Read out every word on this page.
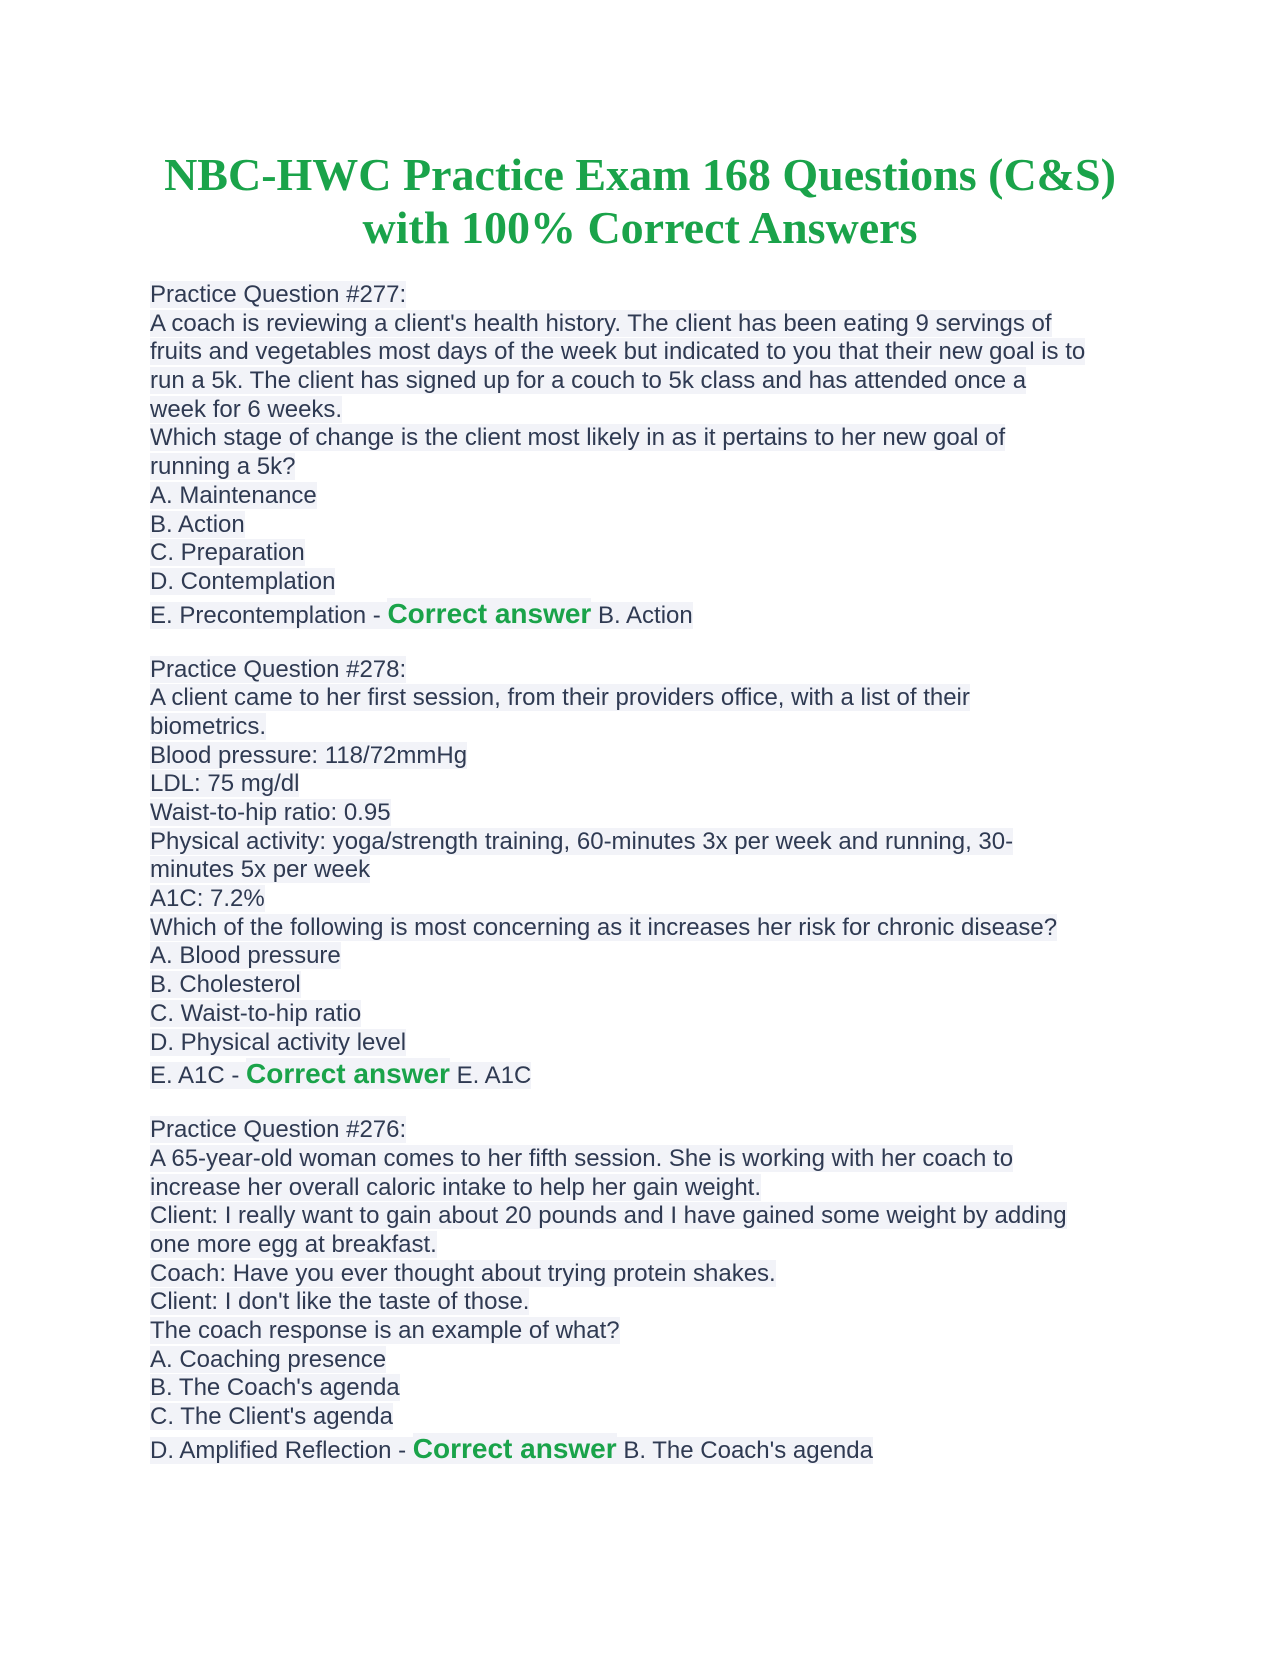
NBC-HWC Practice Exam 168 Questions (C&S)
with 100% Correct Answers
Practice Question #277:
A coach is reviewing a client's health history. The client has been eating 9 servings of
fruits and vegetables most days of the week but indicated to you that their new goal is to
run a 5k. The client has signed up for a couch to 5k class and has attended once a
week for 6 weeks.
Which stage of change is the client most likely in as it pertains to her new goal of
running a 5k?
A. Maintenance
B. Action
C. Preparation
D. Contemplation
E. Precontemplation - Correct answer B. Action
Practice Question #278:
A client came to her first session, from their providers office, with a list of their
biometrics.
Blood pressure: 118/72mmHg
LDL: 75 mg/dl
Waist-to-hip ratio: 0.95
Physical activity: yoga/strength training, 60-minutes 3x per week and running, 30-
minutes 5x per week
A1C: 7.2%
Which of the following is most concerning as it increases her risk for chronic disease?
A. Blood pressure
B. Cholesterol
C. Waist-to-hip ratio
D. Physical activity level
E. A1C - Correct answer E. A1C
Practice Question #276:
A 65-year-old woman comes to her fifth session. She is working with her coach to
increase her overall caloric intake to help her gain weight.
Client: I really want to gain about 20 pounds and I have gained some weight by adding
one more egg at breakfast.
Coach: Have you ever thought about trying protein shakes.
Client: I don't like the taste of those.
The coach response is an example of what?
A. Coaching presence
B. The Coach's agenda
C. The Client's agenda
D. Amplified Reflection - Correct answer B. The Coach's agenda
